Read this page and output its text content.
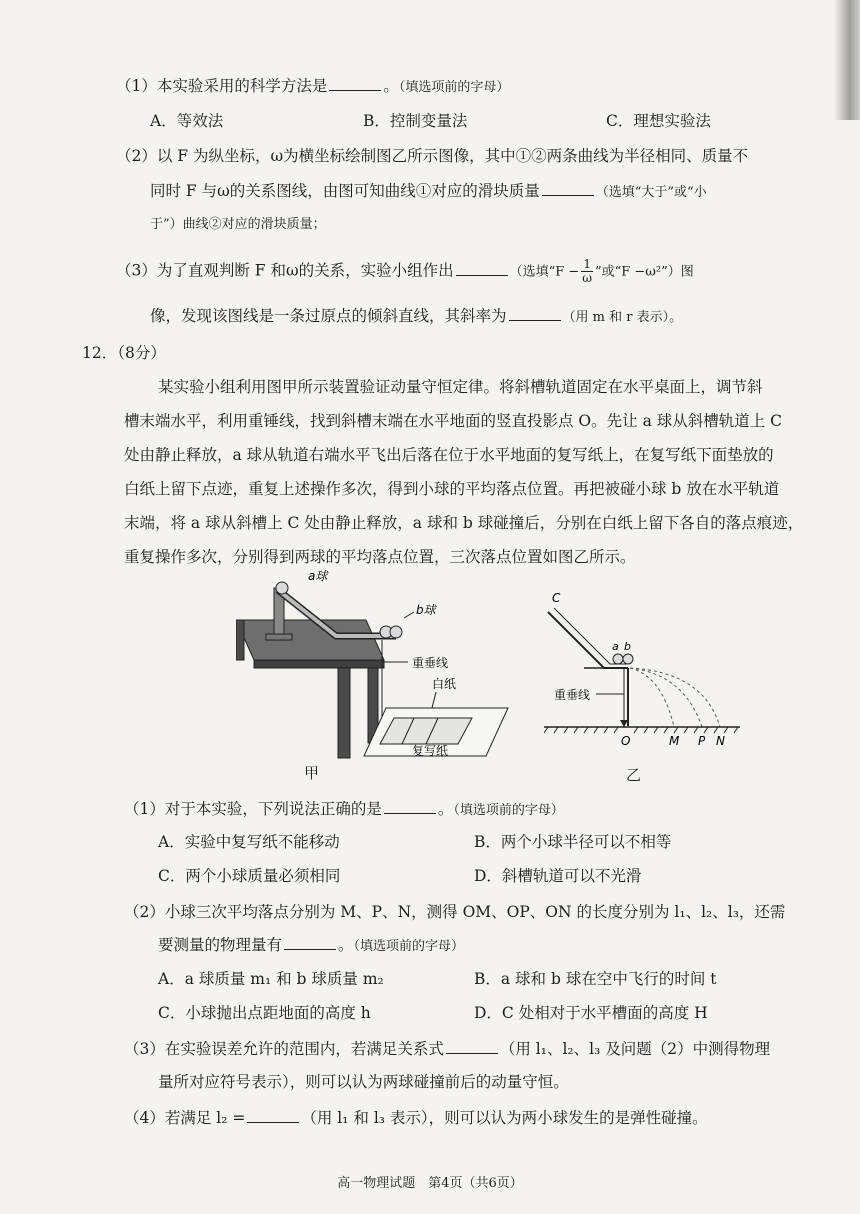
（1）本实验采用的科学方法是	。（填选项前的字母）
A．等效法	B．控制变量法	C．理想实验法
（2）以 F 为纵坐标，ω为横坐标绘制图乙所示图像，其中①②两条曲线为半径相同、质量不
同时 F 与ω的关系图线，由图可知曲线①对应的滑块质量	（选填“大于”或“小
于”）曲线②对应的滑块质量；
（3）为了直观判断 F 和ω的关系，实验小组作出	（选填“$F - \frac{1}{\omega}$ ”或“F −ω²”）图
像，发现该图线是一条过原点的倾斜直线，其斜率为	（用 m 和 r 表示）。
12．（8分）
某实验小组利用图甲所示装置验证动量守恒定律。将斜槽轨道固定在水平桌面上，调节斜
槽末端水平，利用重锤线，找到斜槽末端在水平地面的竖直投影点 O。先让 a 球从斜槽轨道上 C
处由静止释放，a 球从轨道右端水平飞出后落在位于水平地面的复写纸上，在复写纸下面垫放的
白纸上留下点迹，重复上述操作多次，得到小球的平均落点位置。再把被碰小球 b 放在水平轨道
末端，将 a 球从斜槽上 C 处由静止释放，a 球和 b 球碰撞后，分别在白纸上留下各自的落点痕迹，
重复操作多次，分别得到两球的平均落点位置，三次落点位置如图乙所示。
a球
b球
重垂线
白纸
复写纸
甲
C
a b
重垂线
O	M P N
乙
（1）对于本实验，下列说法正确的是	。（填选项前的字母）
A．实验中复写纸不能移动	B．两个小球半径可以不相等
C．两个小球质量必须相同	D．斜槽轨道可以不光滑
（2）小球三次平均落点分别为 M、P、N，测得 OM、OP、ON 的长度分别为 l₁、l₂、l₃，还需
要测量的物理量有	。（填选项前的字母）
A．a 球质量 m₁ 和 b 球质量 m₂	B．a 球和 b 球在空中飞行的时间 t
C．小球抛出点距地面的高度 h	D．C 处相对于水平槽面的高度 H
（3）在实验误差允许的范围内，若满足关系式	（用 l₁、l₂、l₃ 及问题（2）中测得物理
量所对应符号表示），则可以认为两球碰撞前后的动量守恒。
（4）若满足 l₂ =	（用 l₁ 和 l₃ 表示），则可以认为两小球发生的是弹性碰撞。
高一物理试题　第4页（共6页）
